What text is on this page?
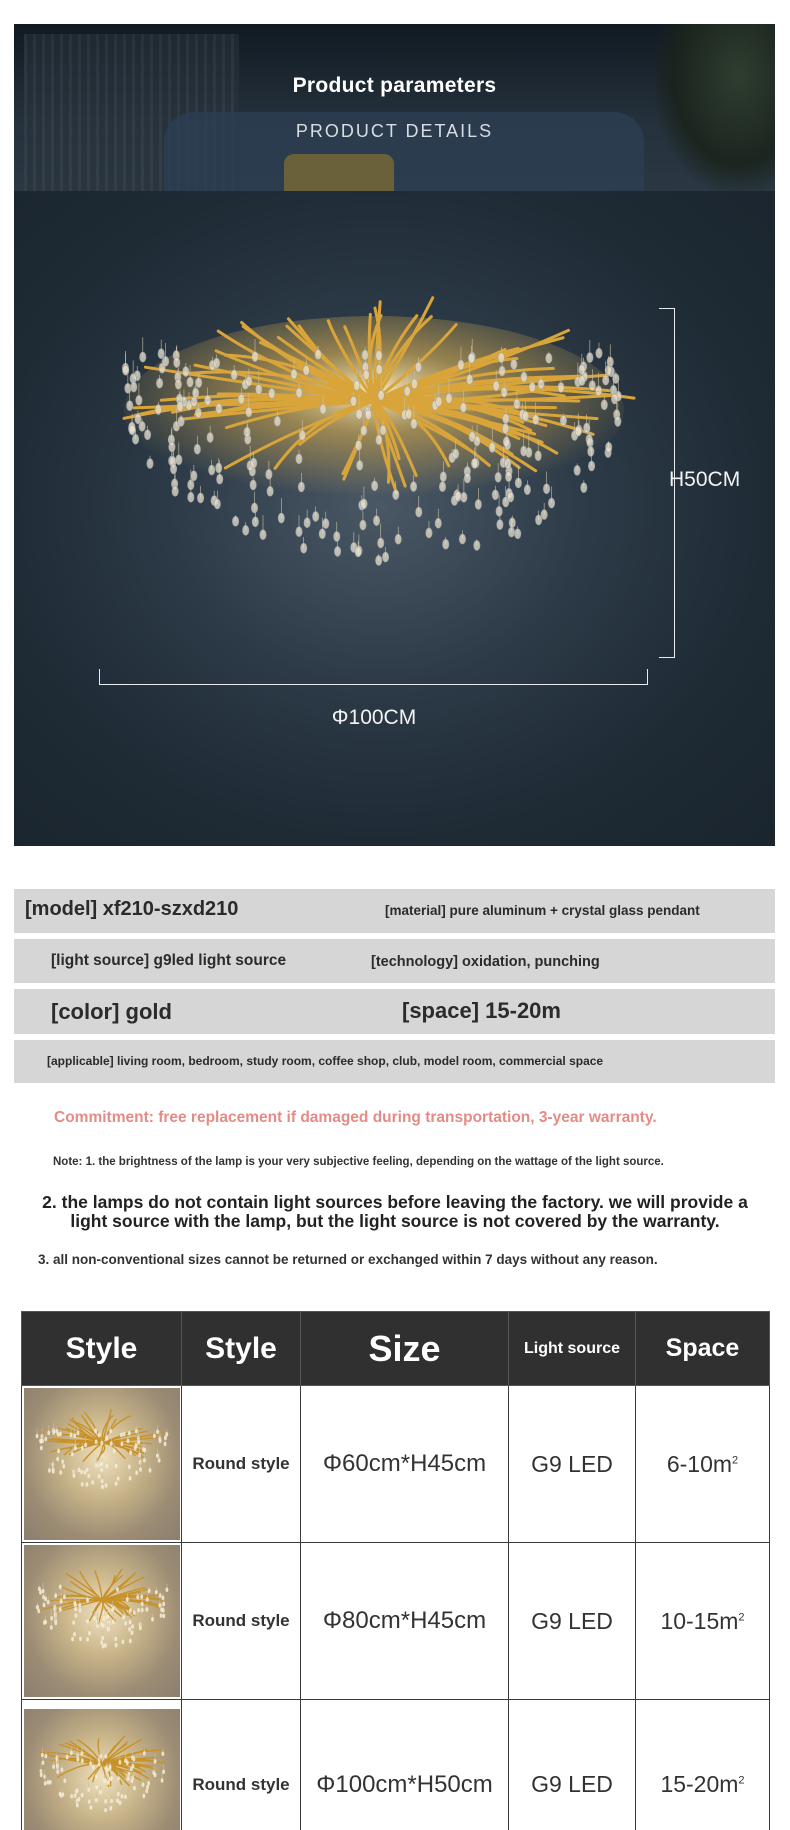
Product parameters
PRODUCT DETAILS
H50CM
Φ100CM
[model] xf210-szxd210	[material] pure aluminum + crystal glass pendant
[light source] g9led light source	[technology] oxidation, punching
[color] gold	[space] 15-20m
[applicable] living room, bedroom, study room, coffee shop, club, model room, commercial space
Commitment: free replacement if damaged during transportation, 3-year warranty.
Note: 1. the brightness of the lamp is your very subjective feeling, depending on the wattage of the light source.
2. the lamps do not contain light sources before leaving the factory. we will provide a light source with the lamp, but the light source is not covered by the warranty.
3. all non-conventional sizes cannot be returned or exchanged within 7 days without any reason.
Style	Style	Size	Light source	Space

	Round style	Φ60cm*H45cm	G9 LED	$6-10m^2$

	Round style	Φ80cm*H45cm	G9 LED	$10-15m^2$

	Round style	Φ100cm*H50cm	G9 LED	$15-20m^2$
